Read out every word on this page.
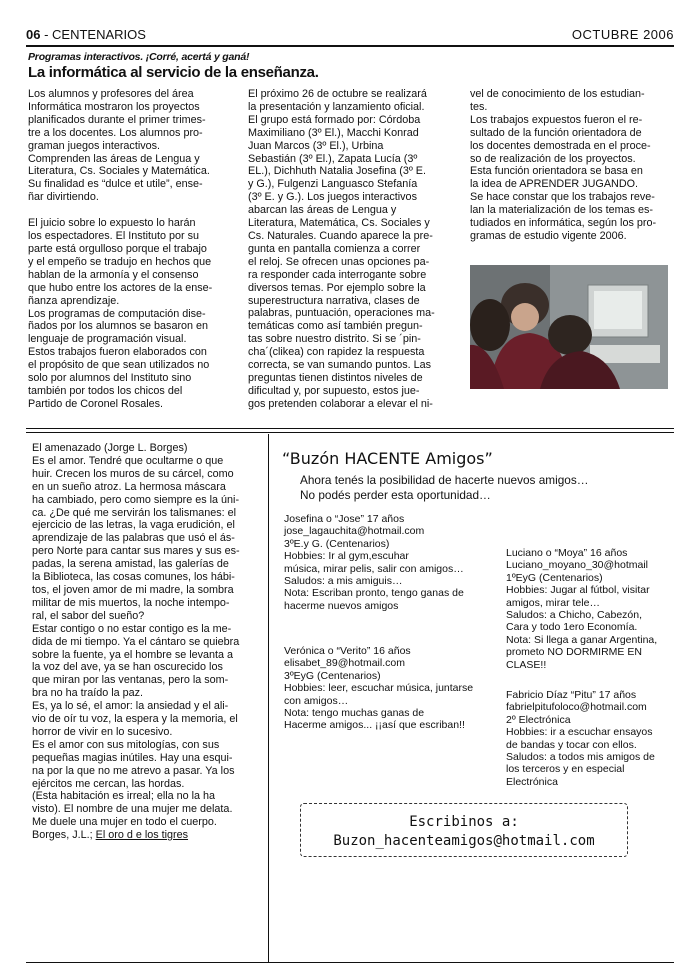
06 - CENTENARIOS	OCTUBRE 2006
Programas interactivos. ¡Corré, acertá y ganá!
La informática al servicio de la enseñanza.

Los alumnos y profesores del área
Informática mostraron los proyectos
planificados durante el primer trimes-
tre a los docentes. Los alumnos pro-
graman juegos interactivos.
Comprenden las áreas de Lengua y
Literatura, Cs. Sociales y Matemática.
Su finalidad es “dulce et utile”, ense-
ñar divirtiendo.

El juicio sobre lo expuesto lo harán
los espectadores. El Instituto por su
parte está orgulloso porque el trabajo
y el empeño se tradujo en hechos que
hablan de la armonía y el consenso
que hubo entre los actores de la ense-
ñanza aprendizaje.
Los programas de computación dise-
ñados por los alumnos se basaron en
lenguaje de programación visual.
Estos trabajos fueron elaborados con
el propósito de que sean utilizados no
solo por alumnos del Instituto sino
también por todos los chicos del
Partido de Coronel Rosales.

El próximo 26 de octubre se realizará
la presentación y lanzamiento oficial.
El grupo está formado por: Córdoba
Maximiliano (3º El.), Macchi Konrad
Juan Marcos (3º El.), Urbina
Sebastián (3º El.), Zapata Lucía (3º
EL.), Dichhuth Natalia Josefina (3º E.
y G.), Fulgenzi Languasco Stefanía
(3º E. y G.). Los juegos interactivos
abarcan las áreas de Lengua y
Literatura, Matemática, Cs. Sociales y
Cs. Naturales. Cuando aparece la pre-
gunta en pantalla comienza a correr
el reloj. Se ofrecen unas opciones pa-
ra responder cada interrogante sobre
diversos temas. Por ejemplo sobre la
superestructura narrativa, clases de
palabras, puntuación, operaciones ma-
temáticas como así también pregun-
tas sobre nuestro distrito. Si se ´pin-
cha´(clikea) con rapidez la respuesta
correcta, se van sumando puntos. Las
preguntas tienen distintos niveles de
dificultad y, por supuesto, estos jue-
gos pretenden colaborar a elevar el ni-

vel de conocimiento de los estudian-
tes.
Los trabajos expuestos fueron el re-
sultado de la función orientadora de
los docentes demostrada en el proce-
so de realización de los proyectos.
Esta función orientadora se basa en
la idea de APRENDER JUGANDO.
Se hace constar que los trabajos reve-
lan la materialización de los temas es-
tudiados en informática, según los pro-
gramas de estudio vigente 2006.

El amenazado (Jorge L. Borges)

Es el amor. Tendré que ocultarme o que
huir. Crecen los muros de su cárcel, como
en un sueño atroz. La hermosa máscara
ha cambiado, pero como siempre es la úni-
ca. ¿De qué me servirán los talismanes: el
ejercicio de las letras, la vaga erudición, el
aprendizaje de las palabras que usó el ás-
pero Norte para cantar sus mares y sus es-
padas, la serena amistad, las galerías de
la Biblioteca, las cosas comunes, los hábi-
tos, el joven amor de mi madre, la sombra
militar de mis muertos, la noche intempo-
ral, el sabor del sueño?
Estar contigo o no estar contigo es la me-
dida de mi tiempo. Ya el cántaro se quiebra
sobre la fuente, ya el hombre se levanta a
la voz del ave, ya se han oscurecido los
que miran por las ventanas, pero la som-
bra no ha traído la paz.
Es, ya lo sé, el amor: la ansiedad y el ali-
vio de oír tu voz, la espera y la memoria, el
horror de vivir en lo sucesivo.
Es el amor con sus mitologías, con sus
pequeñas magias inútiles. Hay una esqui-
na por la que no me atrevo a pasar. Ya los
ejércitos me cercan, las hordas.
(Esta habitación es irreal; ella no la ha
visto). El nombre de una mujer me delata.
Me duele una mujer en todo el cuerpo.

Borges, J.L.; El oro d e los tigres

“Buzón HACENTE Amigos”
Ahora tenés la posibilidad de hacerte nuevos amigos…
No podés perder esta oportunidad…
Josefina o “Jose” 17 años
jose_lagauchita@hotmail.com
3ºE.y G. (Centenarios)
Hobbies: Ir al gym,escuhar
música, mirar pelis, salir con amigos…
Saludos: a mis amiguis…
Nota: Escriban pronto, tengo ganas de
hacerme nuevos amigos
Luciano o “Moya” 16 años
Luciano_moyano_30@hotmail
1ºEyG (Centenarios)
Hobbies: Jugar al fútbol, visitar
amigos, mirar tele…
Saludos: a Chicho, Cabezón,
Cara y todo 1ero Economía.
Nota: Si llega a ganar Argentina,
prometo NO DORMIRME EN
CLASE!!
Verónica o “Verito” 16 años
elisabet_89@hotmail.com
3ºEyG (Centenarios)
Hobbies: leer, escuchar música, juntarse
con amigos…
Nota: tengo muchas ganas de
Hacerme amigos... ¡¡así que escriban!!
Fabricio Díaz “Pitu” 17 años
fabrielpitufoloco@hotmail.com
2º Electrónica
Hobbies: ir a escuchar ensayos
de bandas y tocar con ellos.
Saludos: a todos mis amigos de
los terceros y en especial
Electrónica
Escribinos a:
Buzon_hacenteamigos@hotmail.com
